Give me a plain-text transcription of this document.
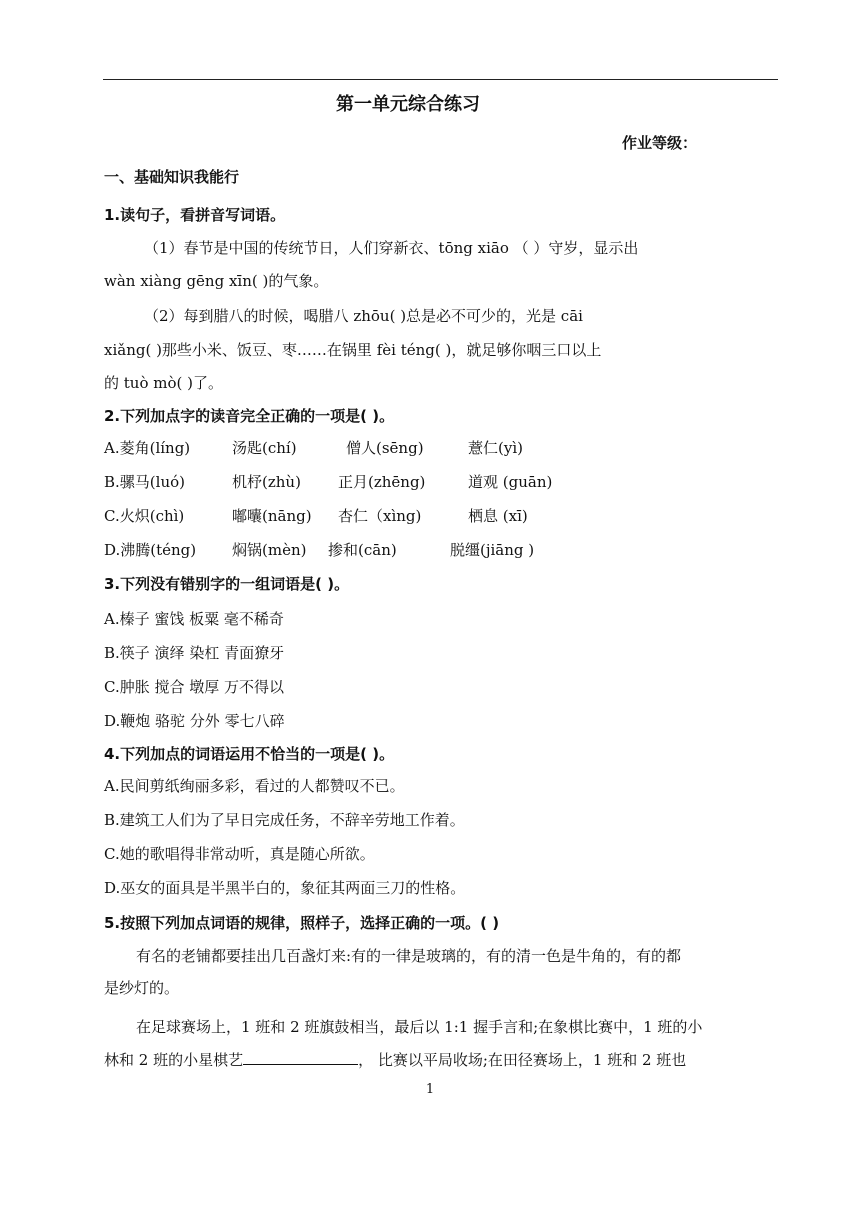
第一单元综合练习
作业等级：
一、基础知识我能行
1.读句子，看拼音写词语。
（1）春节是中国的传统节日，人们穿新衣、tōng xiāo （ ）守岁，显示出
wàn xiàng gēng xīn( )的气象。
（2）每到腊八的时候，喝腊八 zhōu( )总是必不可少的，光是 cāi
xiǎng( )那些小米、饭豆、枣……在锅里 fèi téng( )，就足够你咽三口以上
的 tuò mò( )了。
2.下列加点字的读音完全正确的一项是( )。
A.菱角(líng)	汤匙(chí)	僧人(sēng)	薏仁(yì)
B.骡马(luó)	机杼(zhù) 正月(zhēng)	道观 (guān)
C.火炽(chì)	嘟囔(nāng) 杏仁（xìng)	栖息 (xī)
D.沸腾(téng) 焖锅(mèn) 掺和(cān)	脱缰(jiāng )
3.下列没有错别字的一组词语是( )。
A.榛子 蜜饯 板粟 毫不稀奇
B.筷子 演绎 染杠 青面獠牙
C.肿胀 搅合 墩厚 万不得以
D.鞭炮 骆驼 分外 零七八碎
4.下列加点的词语运用不恰当的一项是( )。
A.民间剪纸绚丽多彩，看过的人都赞叹不已。
B.建筑工人们为了早日完成任务，不辞辛劳地工作着。
C.她的歌唱得非常动听，真是随心所欲。
D.巫女的面具是半黑半白的，象征其两面三刀的性格。
5.按照下列加点词语的规律，照样子，选择正确的一项。( )
有名的老铺都要挂出几百盏灯来:有的一律是玻璃的，有的清一色是牛角的，有的都
是纱灯的。
在足球赛场上，1 班和 2 班旗鼓相当，最后以 1:1 握手言和;在象棋比赛中，1 班的小
林和 2 班的小星棋艺	， 比赛以平局收场;在田径赛场上，1 班和 2 班也
1
